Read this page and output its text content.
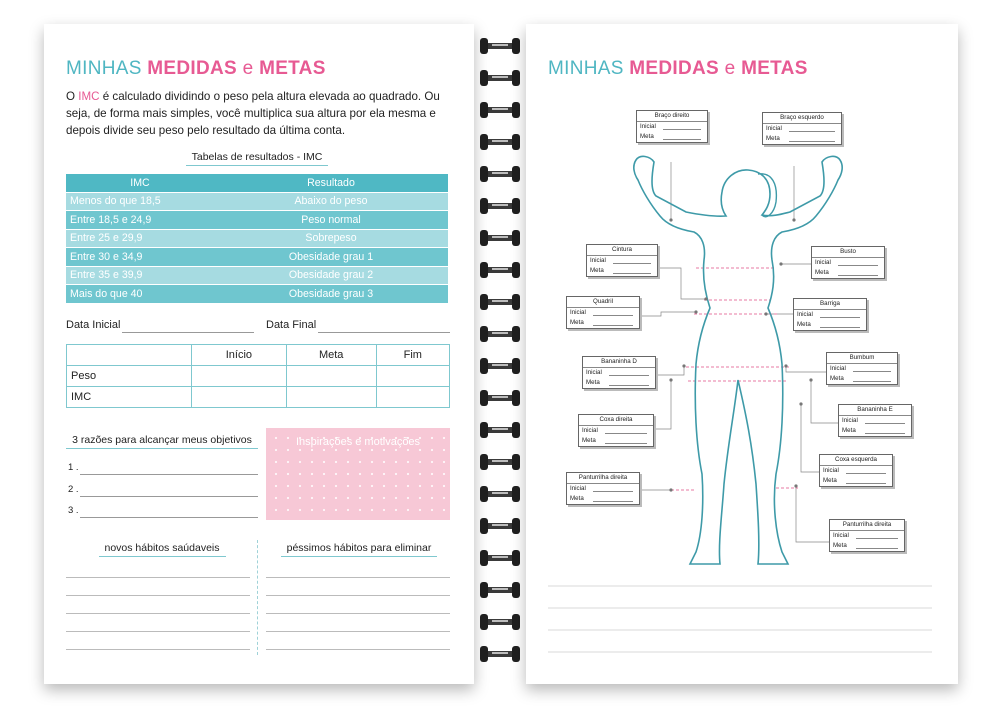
MINHAS MEDIDAS e METAS
O IMC é calculado dividindo o peso pela altura elevada ao quadrado. Ou seja, de forma mais simples, você multiplica sua altura por ela mesma e depois divide seu peso pelo resultado da última conta.
Tabelas de resultados - IMC
IMC	Resultado
Menos do que 18,5	Abaixo do peso
Entre 18,5 e 24,9	Peso normal
Entre 25 e 29,9	Sobrepeso
Entre 30 e 34,9	Obesidade grau 1
Entre 35 e 39,9	Obesidade grau 2
Mais do que 40	Obesidade grau 3
Data Inicial	Data Final
	Início	Meta	Fim
Peso			
IMC			
3 razões para alcançar meus objetivos
1 .
2 .
3 .
Inspirações e motivações
novos hábitos saúdaveis	péssimos hábitos para eliminar
MINHAS MEDIDAS e METAS
Braço direito
Inicial
Meta
Braço esquerdo
Inicial
Meta
Cintura
Inicial
Meta
Busto
Inicial
Meta
Quadril
Inicial
Meta
Barriga
Inicial
Meta
Bananinha D
Inicial
Meta
Bumbum
Inicial
Meta
Coxa direita
Inicial
Meta
Bananinha E
Inicial
Meta
Coxa esquerda
Inicial
Meta
Panturrilha direita
Inicial
Meta
Panturrilha direita
Inicial
Meta
